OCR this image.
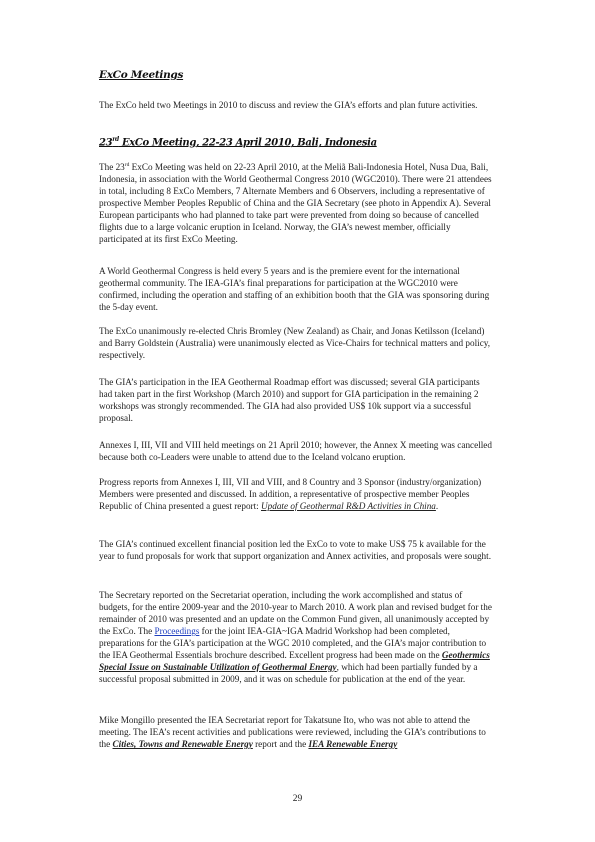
ExCo Meetings

The ExCo held two Meetings in 2010 to discuss and review the GIA’s efforts and plan future activities.

23rd ExCo Meeting, 22-23 April 2010, Bali, Indonesia

The 23rd ExCo Meeting was held on 22-23 April 2010, at the Meliã Bali-Indonesia Hotel, Nusa Dua, Bali, Indonesia, in association with the World Geothermal Congress 2010 (WGC2010). There were 21 attendees in total, including 8 ExCo Members, 7 Alternate Members and 6 Observers, including a representative of prospective Member Peoples Republic of China and the GIA Secretary (see photo in Appendix A). Several European participants who had planned to take part were prevented from doing so because of cancelled flights due to a large volcanic eruption in Iceland. Norway, the GIA’s newest member, officially participated at its first ExCo Meeting.

A World Geothermal Congress is held every 5 years and is the premiere event for the international geothermal community. The IEA-GIA’s final preparations for participation at the WGC2010 were confirmed, including the operation and staffing of an exhibition booth that the GIA was sponsoring during the 5-day event.

The ExCo unanimously re-elected Chris Bromley (New Zealand) as Chair, and Jonas Ketilsson (Iceland) and Barry Goldstein (Australia) were unanimously elected as Vice-Chairs for technical matters and policy, respectively.

The GIA’s participation in the IEA Geothermal Roadmap effort was discussed; several GIA participants had taken part in the first Workshop (March 2010) and support for GIA participation in the remaining 2 workshops was strongly recommended. The GIA had also provided US$ 10k support via a successful proposal.

Annexes I, III, VII and VIII held meetings on 21 April 2010; however, the Annex X meeting was cancelled because both co-Leaders were unable to attend due to the Iceland volcano eruption.

Progress reports from Annexes I, III, VII and VIII, and 8 Country and 3 Sponsor (industry/organization) Members were presented and discussed. In addition, a representative of prospective member Peoples Republic of China presented a guest report: Update of Geothermal R&D Activities in China.

The GIA’s continued excellent financial position led the ExCo to vote to make US$ 75 k available for the year to fund proposals for work that support organization and Annex activities, and proposals were sought.

The Secretary reported on the Secretariat operation, including the work accomplished and status of budgets, for the entire 2009-year and the 2010-year to March 2010. A work plan and revised budget for the remainder of 2010 was presented and an update on the Common Fund given, all unanimously accepted by the ExCo. The Proceedings for the joint IEA-GIA~IGA Madrid Workshop had been completed, preparations for the GIA’s participation at the WGC 2010 completed, and the GIA’s major contribution to the IEA Geothermal Essentials brochure described. Excellent progress had been made on the Geothermics Special Issue on Sustainable Utilization of Geothermal Energy, which had been partially funded by a successful proposal submitted in 2009, and it was on schedule for publication at the end of the year.

Mike Mongillo presented the IEA Secretariat report for Takatsune Ito, who was not able to attend the meeting. The IEA’s recent activities and publications were reviewed, including the GIA’s contributions to the Cities, Towns and Renewable Energy report and the IEA Renewable Energy

29
